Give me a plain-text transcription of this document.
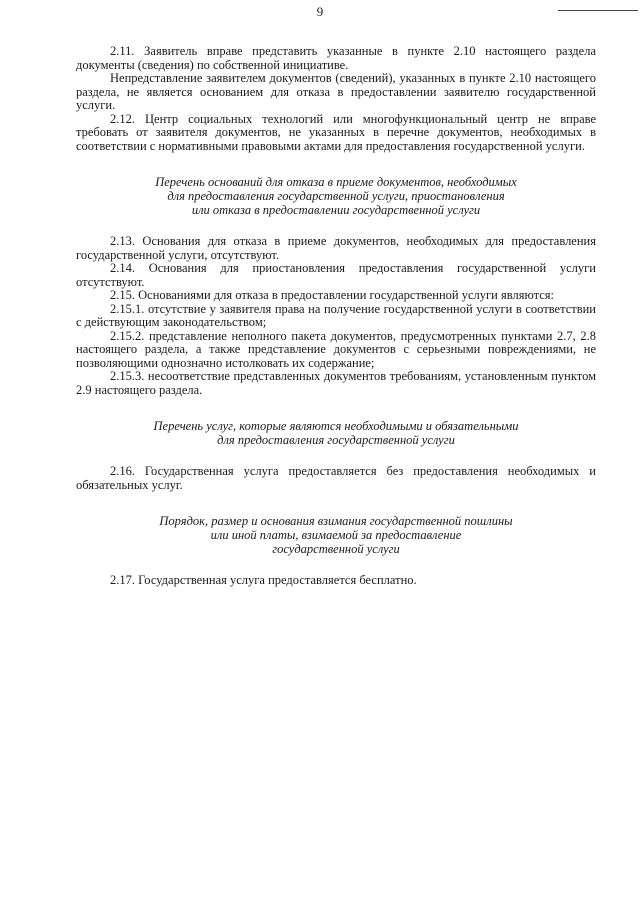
9

2.11. Заявитель вправе представить указанные в пункте 2.10 настоящего раздела документы (сведения) по собственной инициативе.

Непредставление заявителем документов (сведений), указанных в пункте 2.10 настоящего раздела, не является основанием для отказа в предоставлении заявителю государственной услуги.

2.12. Центр социальных технологий или многофункциональный центр не вправе требовать от заявителя документов, не указанных в перечне документов, необходимых в соответствии с нормативными правовыми актами для предоставления государственной услуги.

Перечень оснований для отказа в приеме документов, необходимых
для предоставления государственной услуги, приостановления
или отказа в предоставлении государственной услуги

2.13. Основания для отказа в приеме документов, необходимых для предоставления государственной услуги, отсутствуют.

2.14. Основания для приостановления предоставления государственной услуги отсутствуют.

2.15. Основаниями для отказа в предоставлении государственной услуги являются:

2.15.1. отсутствие у заявителя права на получение государственной услуги в соответствии с действующим законодательством;

2.15.2. представление неполного пакета документов, предусмотренных пунктами 2.7, 2.8 настоящего раздела, а также представление документов с серьезными повреждениями, не позволяющими однозначно истолковать их содержание;

2.15.3. несоответствие представленных документов требованиям, установленным пунктом 2.9 настоящего раздела.

Перечень услуг, которые являются необходимыми и обязательными
для предоставления государственной услуги

2.16. Государственная услуга предоставляется без предоставления необходимых и обязательных услуг.

Порядок, размер и основания взимания государственной пошлины
или иной платы, взимаемой за предоставление
государственной услуги

2.17. Государственная услуга предоставляется бесплатно.
